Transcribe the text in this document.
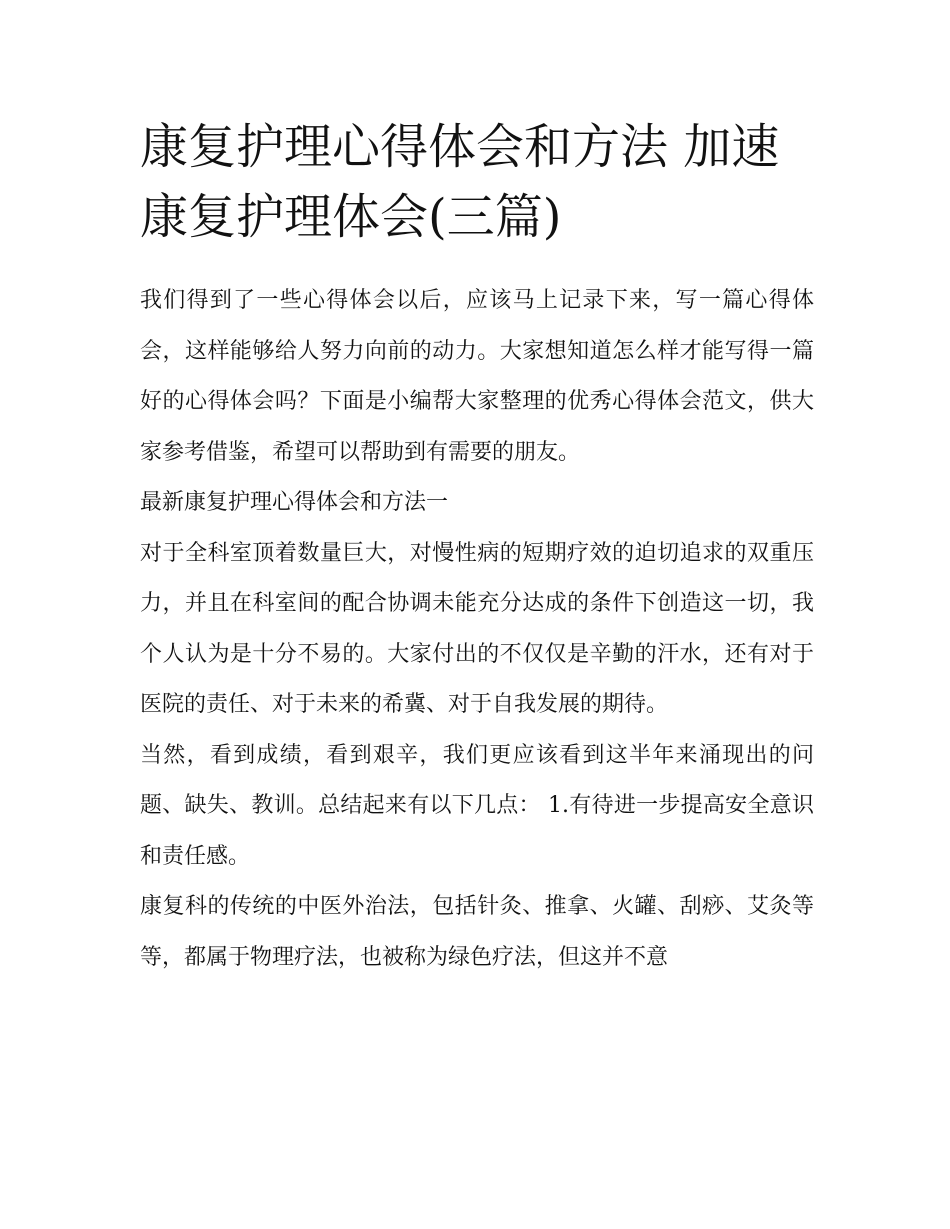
康复护理心得体会和方法 加速康复护理体会(三篇)

我们得到了一些心得体会以后，应该马上记录下来，写一篇心得体会，这样能够给人努力向前的动力。大家想知道怎么样才能写得一篇好的心得体会吗？下面是小编帮大家整理的优秀心得体会范文，供大家参考借鉴，希望可以帮助到有需要的朋友。

最新康复护理心得体会和方法一

对于全科室顶着数量巨大，对慢性病的短期疗效的迫切追求的双重压力，并且在科室间的配合协调未能充分达成的条件下创造这一切，我个人认为是十分不易的。大家付出的不仅仅是辛勤的汗水，还有对于医院的责任、对于未来的希冀、对于自我发展的期待。

当然，看到成绩，看到艰辛，我们更应该看到这半年来涌现出的问题、缺失、教训。总结起来有以下几点： 1.有待进一步提高安全意识和责任感。

康复科的传统的中医外治法，包括针灸、推拿、火罐、刮痧、艾灸等等，都属于物理疗法，也被称为绿色疗法，但这并不意
